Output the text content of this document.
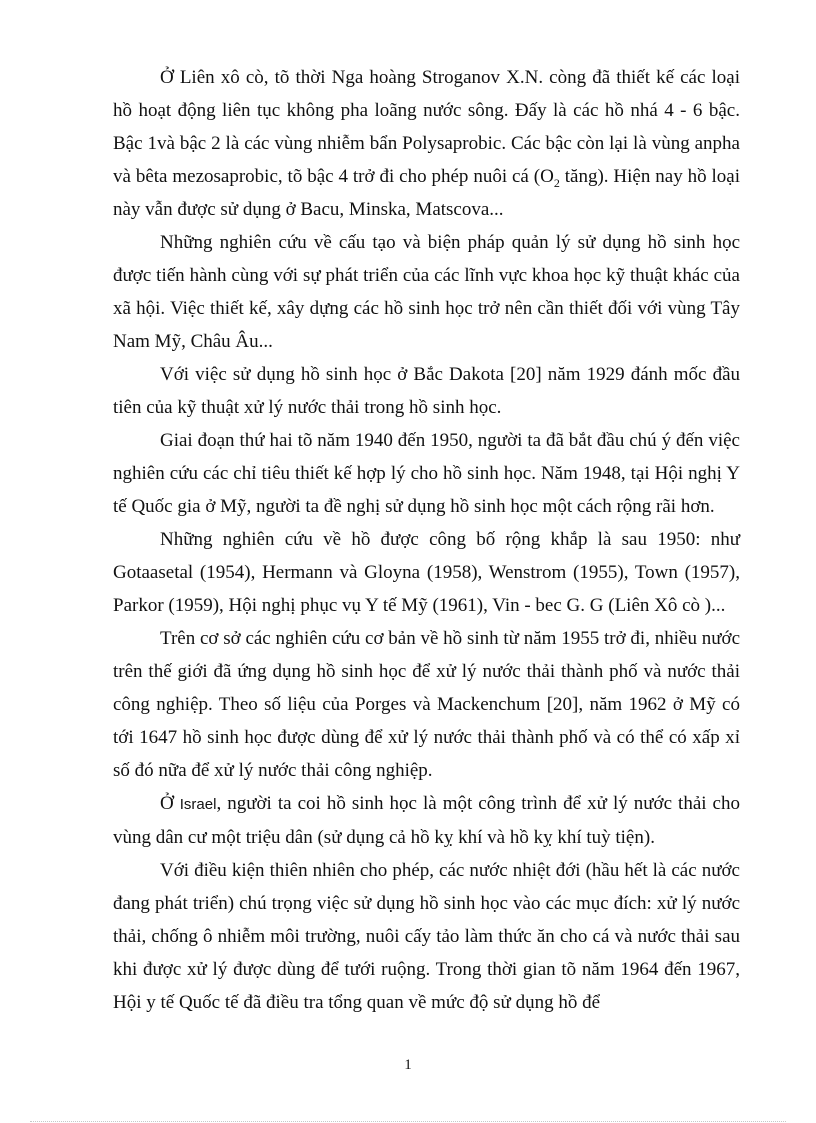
Ở Liên xô cò, tõ thời Nga hoàng Stroganov X.N. còng đã thiết kế các loại hồ hoạt động liên tục không pha loãng nước sông. Đấy là các hồ nhá 4 - 6 bậc. Bậc 1và bậc 2 là các vùng nhiễm bẩn Polysaprobic. Các bậc còn lại là vùng anpha và bêta mezosaprobic, tõ bậc 4 trở đi cho phép nuôi cá ($O_2$ tăng). Hiện nay hồ loại này vẫn được sử dụng ở Bacu, Minska, Matscova...

Những nghiên cứu về cấu tạo và biện pháp quản lý sử dụng hồ sinh học được tiến hành cùng với sự phát triển của các lĩnh vực khoa học kỹ thuật khác của xã hội. Việc thiết kế, xây dựng các hồ sinh học trở nên cần thiết đối với vùng Tây Nam Mỹ, Châu Âu...

Với việc sử dụng hồ sinh học ở Bắc Dakota [20] năm 1929 đánh mốc đầu tiên của kỹ thuật xử lý nước thải trong hồ sinh học.

Giai đoạn thứ hai tõ năm 1940 đến 1950, người ta đã bắt đầu chú ý đến việc nghiên cứu các chỉ tiêu thiết kế hợp lý cho hồ sinh học. Năm 1948, tại Hội nghị Y tế Quốc gia ở Mỹ, người ta đề nghị sử dụng hồ sinh học một cách rộng rãi hơn.

Những nghiên cứu về hồ được công bố rộng khắp là sau 1950: như Gotaasetal (1954), Hermann và Gloyna (1958), Wenstrom (1955), Town (1957), Parkor (1959), Hội nghị phục vụ Y tế Mỹ (1961), Vin - bec G. G (Liên Xô cò )...

Trên cơ sở các nghiên cứu cơ bản về hồ sinh từ năm 1955 trở đi, nhiều nước trên thế giới đã ứng dụng hồ sinh học để xử lý nước thải thành phố và nước thải công nghiệp. Theo số liệu của Porges và Mackenchum [20], năm 1962 ở Mỹ có tới 1647 hồ sinh học được dùng để xử lý nước thải thành phố và có thể có xấp xỉ số đó nữa để xử lý nước thải công nghiệp.

Ở Israel, người ta coi hồ sinh học là một công trình để xử lý nước thải cho vùng dân cư một triệu dân (sử dụng cả hồ kỵ khí và hồ kỵ khí tuỳ tiện).

Với điều kiện thiên nhiên cho phép, các nước nhiệt đới (hầu hết là các nước đang phát triển) chú trọng việc sử dụng hồ sinh học vào các mục đích: xử lý nước thải, chống ô nhiễm môi trường, nuôi cấy tảo làm thức ăn cho cá và nước thải sau khi được xử lý được dùng để tưới ruộng. Trong thời gian tõ năm 1964 đến 1967, Hội y tế Quốc tế đã điều tra tổng quan về mức độ sử dụng hồ để

1
